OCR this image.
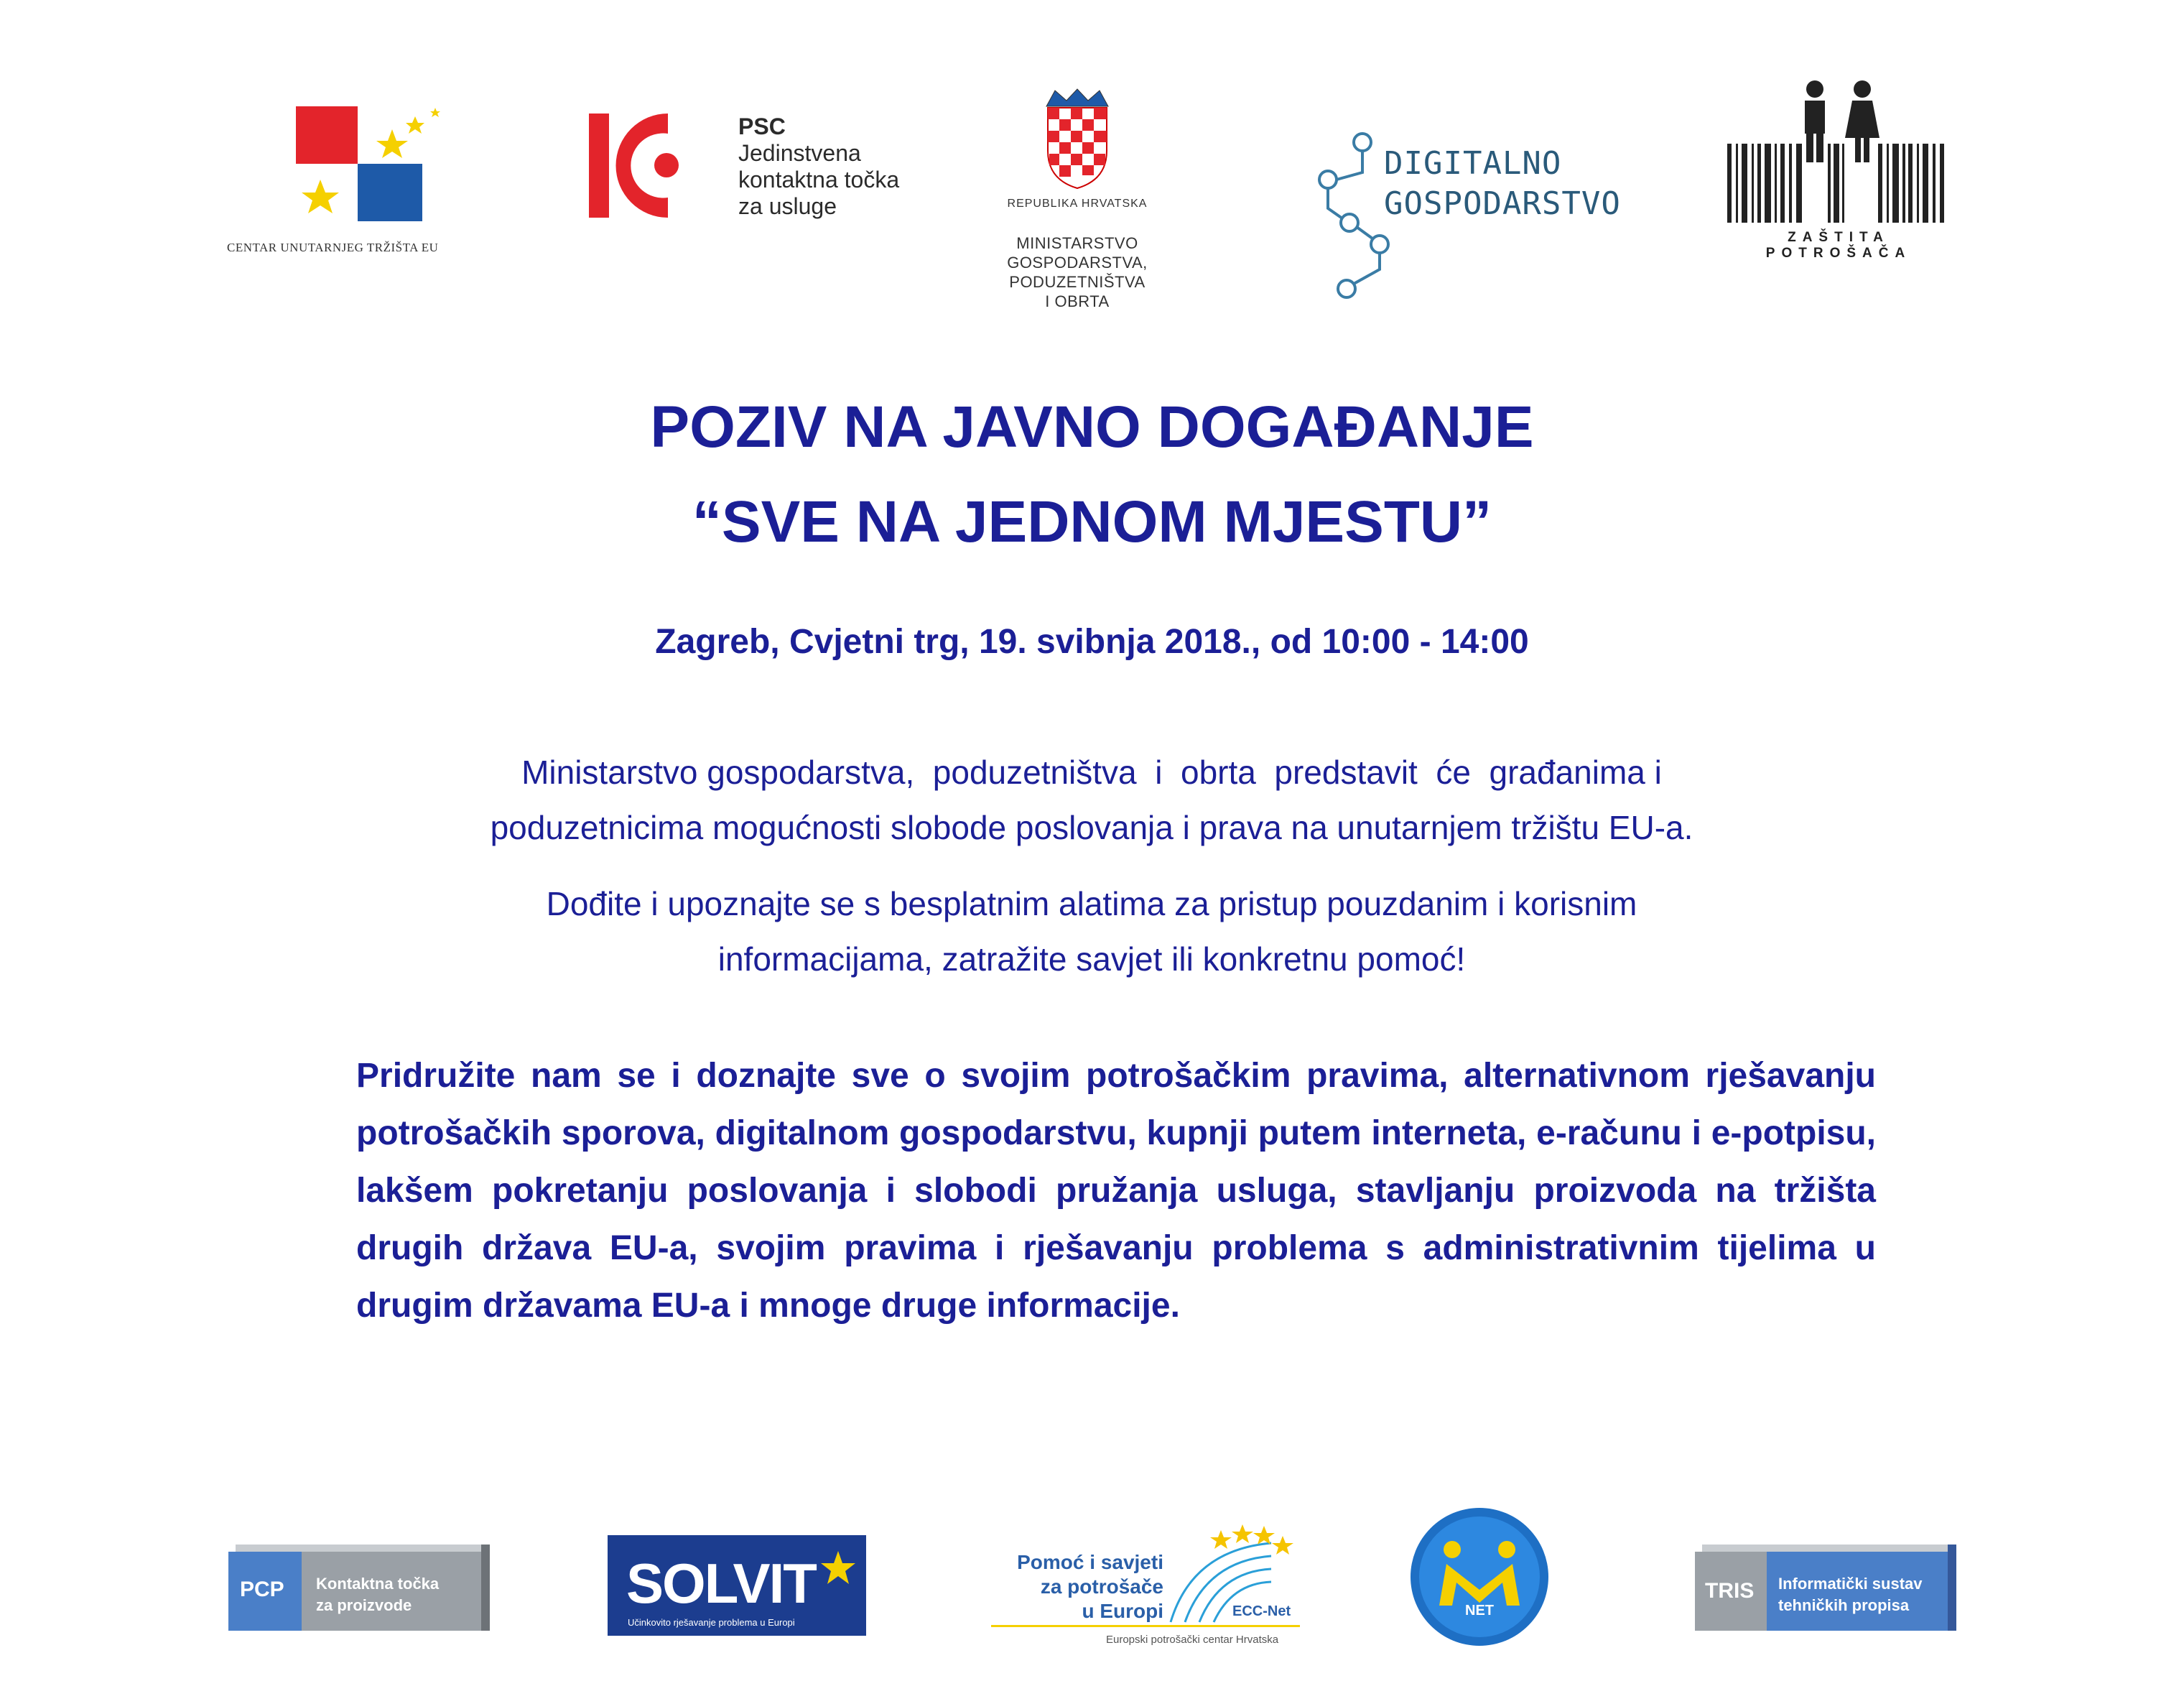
CENTAR UNUTARNJEG TRŽIŠTA EU
PSC
Jedinstvena
kontaktna točka
za usluge	REPUBLIKA HRVATSKA
MINISTARSTVO
GOSPODARSTVA,
PODUZETNIŠTVA
I OBRTA
DIGITALNO
GOSPODARSTVO
ZAŠTITA POTROŠAČA
POZIV NA JAVNO DOGAĐANJE
“SVE NA JEDNOM MJESTU”
Zagreb, Cvjetni trg, 19. svibnja 2018., od 10:00 - 14:00
Ministarstvo gospodarstva,  poduzetništva  i  obrta  predstavit  će  građanima i
poduzetnicima mogućnosti slobode poslovanja i prava na unutarnjem tržištu EU-a.
Dođite i upoznajte se s besplatnim alatima za pristup pouzdanim i korisnim
informacijama, zatražite savjet ili konkretnu pomoć!
Pridružite nam se i doznajte sve o svojim potrošačkim pravima, alternativnom rješavanju potrošačkih sporova, digitalnom gospodarstvu, kupnji putem interneta, e-računu i e-potpisu, lakšem pokretanju poslovanja i slobodi pružanja usluga, stavljanju proizvoda na tržišta drugih država EU-a, svojim pravima i rješavanju problema s administrativnim tijelima u drugim državama EU-a i mnoge druge informacije.
PCP Kontaktna točka
za proizvode	SOLVIT
Učinkovito rješavanje problema u Europi
Pomoć i savjeti
za potrošače
u Europi	ECC-Net
Europski potrošački centar Hrvatska
NET
TRIS Informatički sustav
tehničkih propisa
